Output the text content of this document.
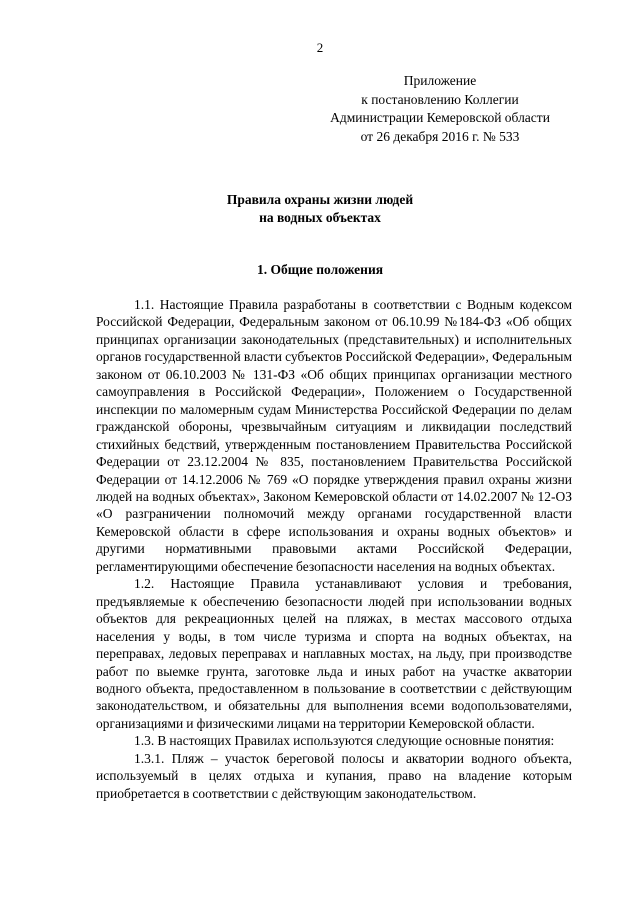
2
Приложение
к постановлению Коллегии
Администрации Кемеровской области
от 26 декабря 2016 г. № 533
Правила охраны жизни людей
на водных объектах
1. Общие положения

1.1. Настоящие Правила разработаны в соответствии с Водным кодексом Российской Федерации, Федеральным законом от 06.10.99 №184-ФЗ «Об общих принципах организации законодательных (представительных) и исполнительных органов государственной власти субъектов Российской Федерации», Федеральным законом от 06.10.2003 № 131-ФЗ «Об общих принципах организации местного самоуправления в Российской Федерации», Положением о Государственной инспекции по маломерным судам Министерства Российской Федерации по делам гражданской обороны, чрезвычайным ситуациям и ликвидации последствий стихийных бедствий, утвержденным постановлением Правительства Российской Федерации от 23.12.2004 № 835, постановлением Правительства Российской Федерации от 14.12.2006 № 769 «О порядке утверждения правил охраны жизни людей на водных объектах», Законом Кемеровской области от 14.02.2007 № 12-ОЗ «О разграничении полномочий между органами государственной власти Кемеровской области в сфере использования и охраны водных объектов» и другими нормативными правовыми актами Российской Федерации, регламентирующими обеспечение безопасности населения на водных объектах.

1.2. Настоящие Правила устанавливают условия и требования, предъявляемые к обеспечению безопасности людей при использовании водных объектов для рекреационных целей на пляжах, в местах массового отдыха населения у воды, в том числе туризма и спорта на водных объектах, на переправах, ледовых переправах и наплавных мостах, на льду, при производстве работ по выемке грунта, заготовке льда и иных работ на участке акватории водного объекта, предоставленном в пользование в соответствии с действующим законодательством, и обязательны для выполнения всеми водопользователями, организациями и физическими лицами на территории Кемеровской области.

1.3. В настоящих Правилах используются следующие основные понятия:

1.3.1. Пляж – участок береговой полосы и акватории водного объекта, используемый в целях отдыха и купания, право на владение которым приобретается в соответствии с действующим законодательством.
